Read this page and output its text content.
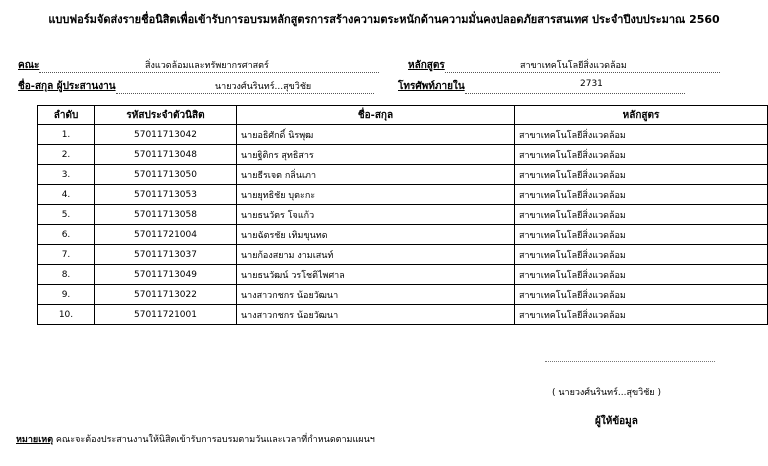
แบบฟอร์มจัดส่งรายชื่อนิสิตเพื่อเข้ารับการอบรมหลักสูตรการสร้างความตระหนักด้านความมั่นคงปลอดภัยสารสนเทศ ประจำปีงบประมาณ 2560
คณะ	สิ่งแวดล้อมและทรัพยากรศาสตร์	หลักสูตร	สาขาเทคโนโลยีสิ่งแวดล้อม
ชื่อ-สกุล ผู้ประสานงาน	นายวงศ์นรินทร์...สุขวิชัย	โทรศัพท์ภายใน	2731
ลำดับ	รหัสประจำตัวนิสิต	ชื่อ-สกุล	หลักสูตร
1.	57011713042	นายอธิศักดิ์ นิรพุฒ	สาขาเทคโนโลยีสิ่งแวดล้อม
2.	57011713048	นายฐิติกร สุทธิสาร	สาขาเทคโนโลยีสิ่งแวดล้อม
3.	57011713050	นายธีรเจต กลิ่นเภา	สาขาเทคโนโลยีสิ่งแวดล้อม
4.	57011713053	นายยุทธิชัย บุตะกะ	สาขาเทคโนโลยีสิ่งแวดล้อม
5.	57011713058	นายธนวัตร โจแก้ว	สาขาเทคโนโลยีสิ่งแวดล้อม
6.	57011721004	นายฉัตรชัย เทิมขุนทด	สาขาเทคโนโลยีสิ่งแวดล้อม
7.	57011713037	นายก้องสยาม งามเสนท์	สาขาเทคโนโลยีสิ่งแวดล้อม
8.	57011713049	นายธนวัฒน์ วรโชติไพศาล	สาขาเทคโนโลยีสิ่งแวดล้อม
9.	57011713022	นางสาวกชกร น้อยวัฒนา	สาขาเทคโนโลยีสิ่งแวดล้อม
10.	57011721001	นางสาวกชกร น้อยวัฒนา	สาขาเทคโนโลยีสิ่งแวดล้อม
( นายวงศ์นรินทร์...สุขวิชัย )
ผู้ให้ข้อมูล
หมายเหตุ คณะจะต้องประสานงานให้นิสิตเข้ารับการอบรมตามวันและเวลาที่กำหนดตามแผนฯ
